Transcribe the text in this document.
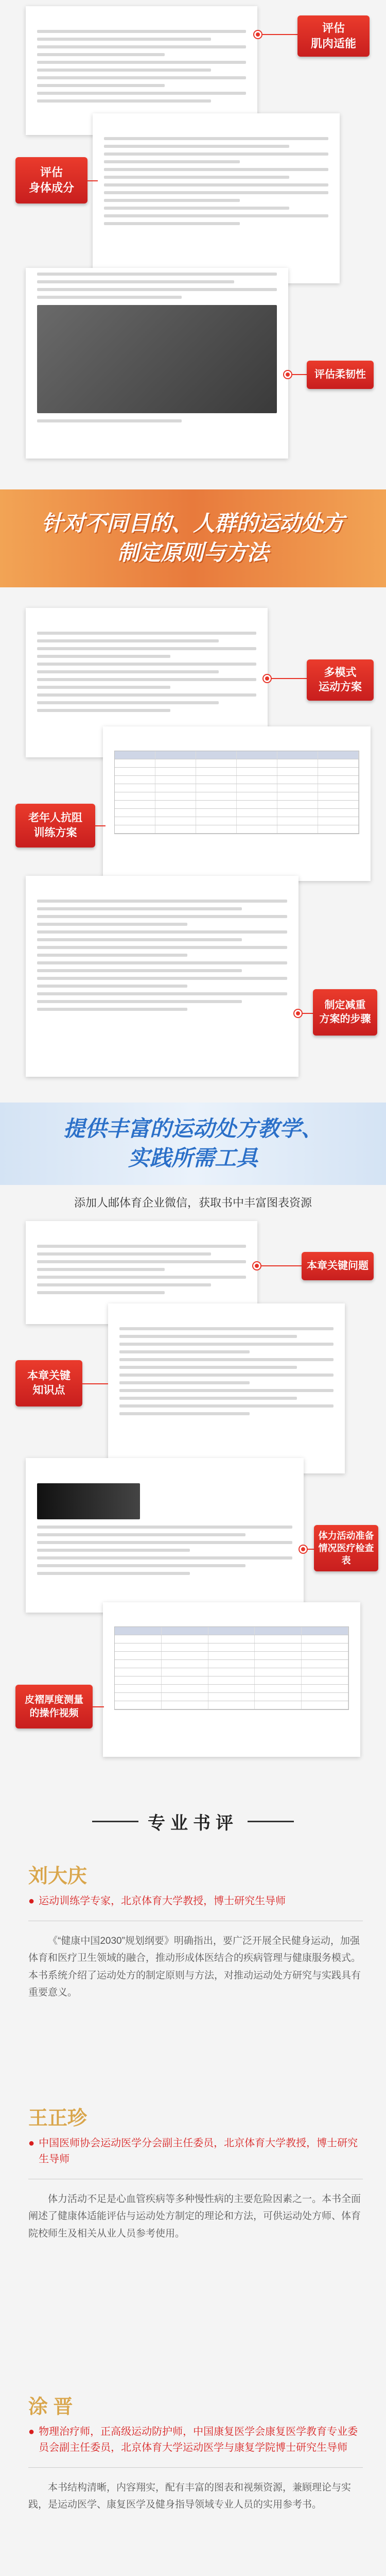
评估
肌肉适能

评估
身体成分
评估柔韧性
针对不同目的、人群的运动处方
制定原则与方法

多模式
运动方案

老年人抗阻
训练方案

制定减重
方案的步骤
提供丰富的运动处方教学、
实践所需工具
添加人邮体育企业微信，获取书中丰富图表资源

本章关键问题

本章关键
知识点

体力活动准备
情况医疗检查表

皮褶厚度测量
的操作视频
专业书评
刘大庆
● 运动训练学专家，北京体育大学教授，博士研究生导师
《“健康中国2030”规划纲要》明确指出，要广泛开展全民健身运动，加强体育和医疗卫生领域的融合，推动形成体医结合的疾病管理与健康服务模式。本书系统介绍了运动处方的制定原则与方法，对推动运动处方研究与实践具有重要意义。
王正珍
● 中国医师协会运动医学分会副主任委员，北京体育大学教授，博士研究生导师
体力活动不足是心血管疾病等多种慢性病的主要危险因素之一。本书全面阐述了健康体适能评估与运动处方制定的理论和方法，可供运动处方师、体育院校师生及相关从业人员参考使用。
涂 晋
● 物理治疗师，正高级运动防护师，中国康复医学会康复医学教育专业委员会副主任委员，北京体育大学运动医学与康复学院博士研究生导师
本书结构清晰，内容翔实，配有丰富的图表和视频资源，兼顾理论与实践，是运动医学、康复医学及健身指导领域专业人员的实用参考书。
